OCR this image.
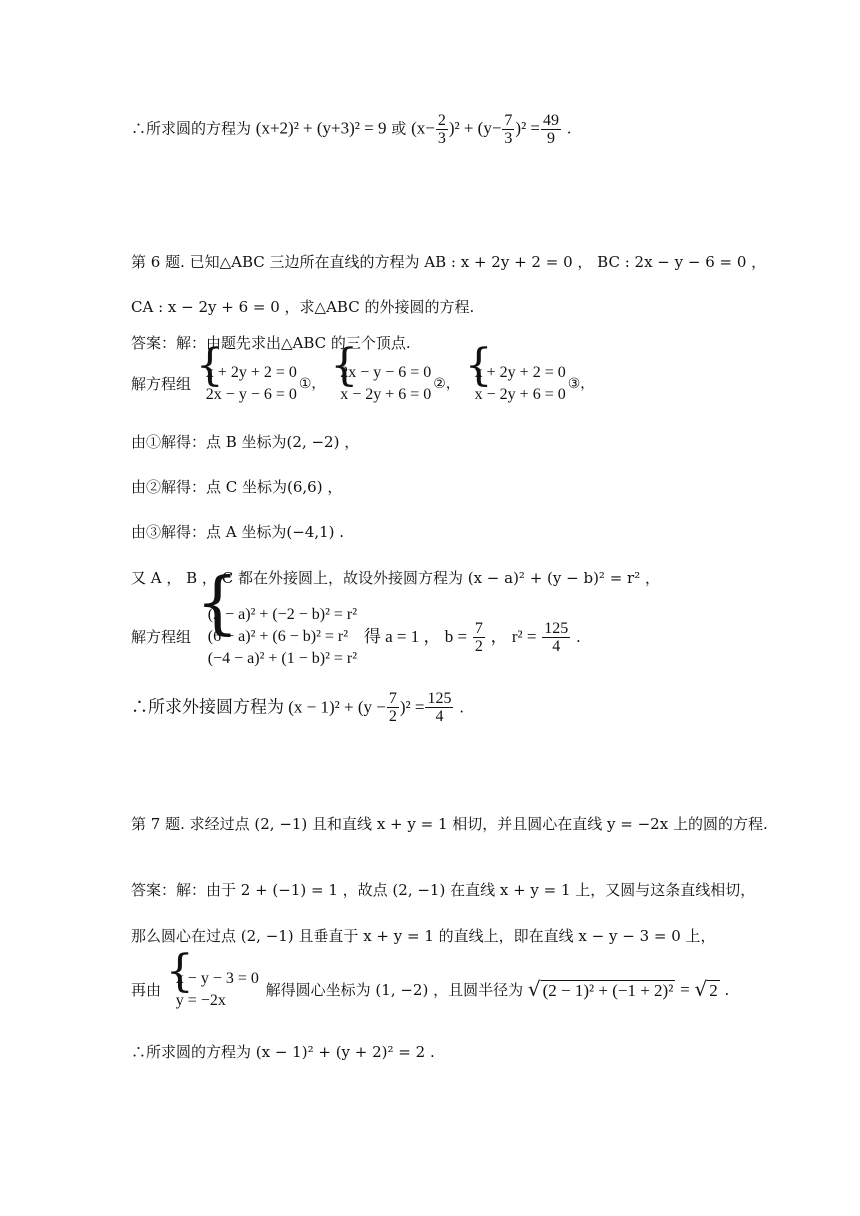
∴所求圆的方程为 (x+2)² + (y+3)² = 9 或 $(x- \frac{2}{3} )^2 + (y- \frac{7}{3} )^2 = \frac{49}{9}$ .
第 6 题. 已知△ABC 三边所在直线的方程为 AB : x + 2y + 2 = 0 ， BC : 2x − y − 6 = 0 ，
CA : x − 2y + 6 = 0 ，求△ABC 的外接圆的方程.
答案：解：由题先求出△ABC 的三个顶点.
解方程组 {
x + 2y + 2 = 0
2x − y − 6 = 0
①， {
2x − y − 6 = 0
x − 2y + 6 = 0
②， {
x + 2y + 2 = 0
x − 2y + 6 = 0
③，
由①解得：点 B 坐标为(2, −2) ，
由②解得：点 C 坐标为(6,6) ，
由③解得：点 A 坐标为(−4,1) .
又 A ， B ， C 都在外接圆上，故设外接圆方程为 (x − a)² + (y − b)² = r² ，
解方程组 {
(2 − a)² + (−2 − b)² = r²
(6 − a)² + (6 − b)² = r²
(−4 − a)² + (1 − b)² = r²
得 a = 1 ， $b = \frac{7}{2}$ ， $r^2 = \frac{125}{4}$ .
∴所求外接圆方程为 $(x - 1)^2 + (y - \frac{7}{2} )^2 = \frac{125}{4}$ .
第 7 题. 求经过点 (2, −1) 且和直线 x + y = 1 相切，并且圆心在直线 y = −2x 上的圆的方程.
答案：解：由于 2 + (−1) = 1 ，故点 (2, −1) 在直线 x + y = 1 上，又圆与这条直线相切，
那么圆心在过点 (2, −1) 且垂直于 x + y = 1 的直线上，即在直线 x − y − 3 = 0 上，
再由 {
x − y − 3 = 0
y = −2x
解得圆心坐标为 (1, −2) ，且圆半径为 √ (2 − 1)² + (−1 + 2)² = √ 2 .
∴所求圆的方程为 (x − 1)² + (y + 2)² = 2 .
